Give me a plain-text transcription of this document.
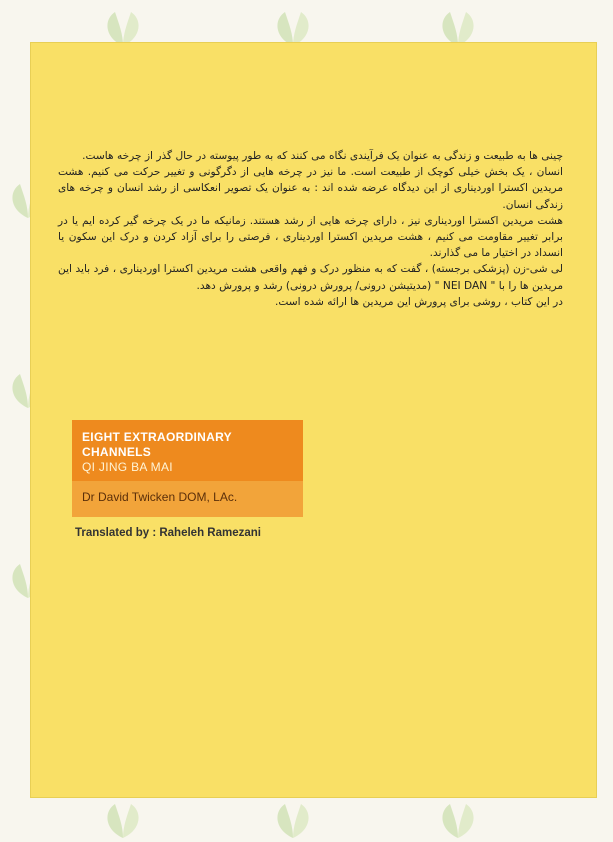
چینی ها به طبیعت و زندگی به عنوان یک فرآیندی نگاه می کنند که به طور پیوسته در حال گذر از چرخه هاست.

انسان ، یک بخش خیلی کوچک از طبیعت است. ما نیز در چرخه هایی از دگرگونی و تغییر حرکت می کنیم. هشت مریدین اکسترا اوردیناری از این دیدگاه عرضه شده اند : به عنوان یک تصویر انعکاسی از رشد انسان و چرخه های زندگی انسان.

هشت مریدین اکسترا اوردیناری نیز ، دارای چرخه هایی از رشد هستند. زمانیکه ما در یک چرخه گیر کرده ایم یا در برابر تغییر مقاومت می کنیم ، هشت مریدین اکسترا اوردیناری ، فرصتی را برای آزاد کردن و درک این سکون یا انسداد در اختیار ما می گذارند.

لی شی-زن (پزشکی برجسته) ، گفت که به منظور درک و فهم واقعی هشت مریدین اکسترا اوردیناری ، فرد باید این مریدین ها را با " NEI DAN " (مدیتیشن درونی/ پرورش درونی) رشد و پرورش دهد.

در این کتاب ، روشی برای پرورش این مریدین ها ارائه شده است.

EIGHT EXTRAORDINARY
CHANNELS
QI JING BA MAI
Dr David Twicken DOM, LAc.
Translated by : Raheleh Ramezani
